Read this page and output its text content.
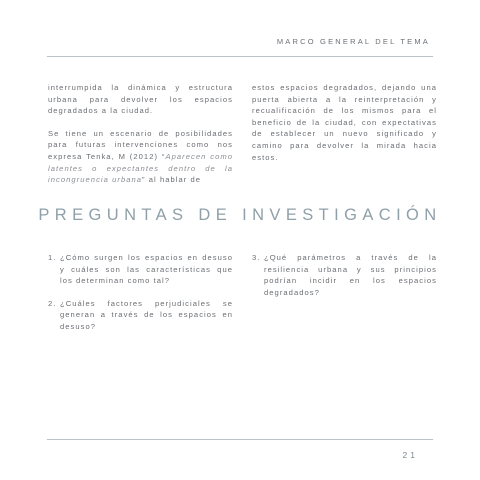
MARCO GENERAL DEL TEMA

interrumpida la dinámica y estructura urbana para devolver los espacios degradados a la ciudad.

Se tiene un escenario de posibilidades para futuras intervenciones como nos expresa Tenka, M (2012) “Aparecen como latentes o expectantes dentro de la incongruencia urbana” al hablar de

estos espacios degradados, dejando una puerta abierta a la reinterpretación y recualificación de los mismos para el beneficio de la ciudad, con expectativas de establecer un nuevo significado y camino para devolver la mirada hacia estos.

PREGUNTAS DE INVESTIGACIÓN
1. ¿Cómo surgen los espacios en desuso y cuáles son las características que los determinan como tal?
2. ¿Cuáles factores perjudiciales se generan a través de los espacios en desuso?
3. ¿Qué parámetros a través de la resiliencia urbana y sus principios podrían incidir en los espacios degradados?
21
